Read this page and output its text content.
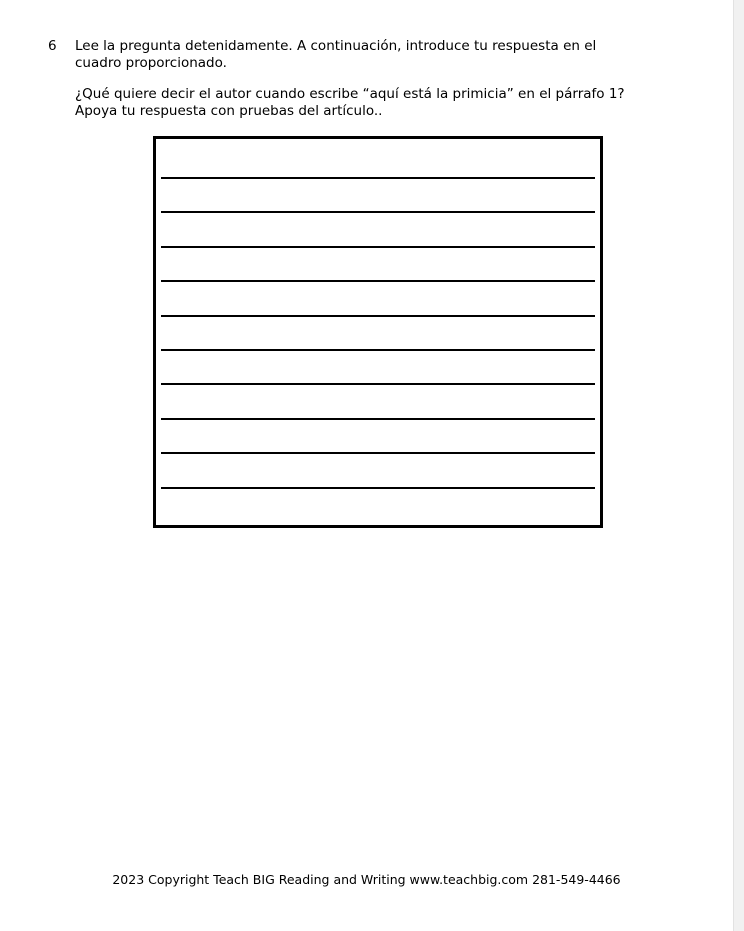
6 Lee la pregunta detenidamente. A continuación, introduce tu respuesta en el

cuadro proporcionado.

¿Qué quiere decir el autor cuando escribe “aquí está la primicia” en el párrafo 1?

Apoya tu respuesta con pruebas del artículo..

2023 Copyright Teach BIG Reading and Writing www.teachbig.com 281-549-4466
